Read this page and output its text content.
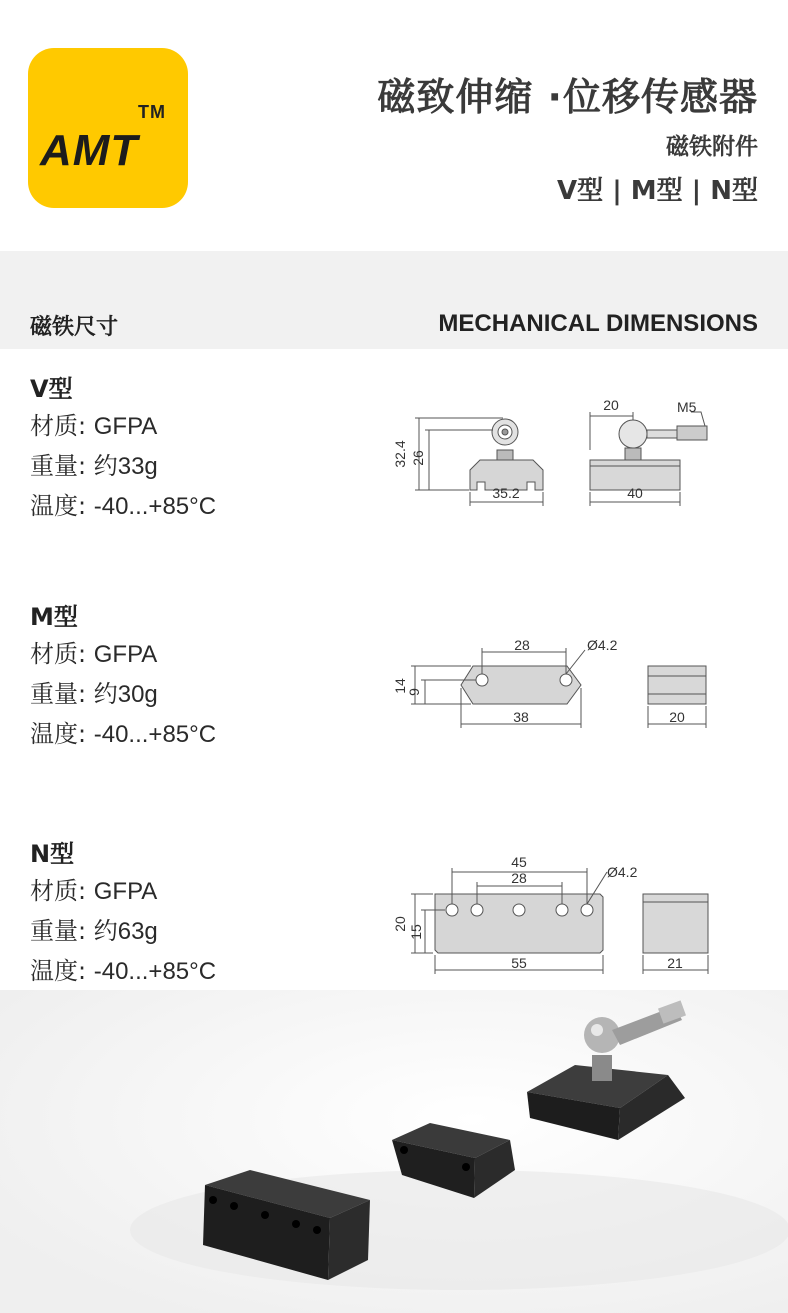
TM
AMT
磁致伸缩 ·位移传感器
磁铁附件
V型 | M型 | N型
磁铁尺寸	MECHANICAL DIMENSIONS
V型
材质: GFPA
重量: 约33g
温度: -40...+85°C
M型
材质: GFPA
重量: 约30g
温度: -40...+85°C
N型
材质: GFPA
重量: 约63g
温度: -40...+85°C
32.4 26
35.2
20	M5
40
28	Ø4.2
14
9
38	20
45
28	Ø4.2
20
15
55	21
